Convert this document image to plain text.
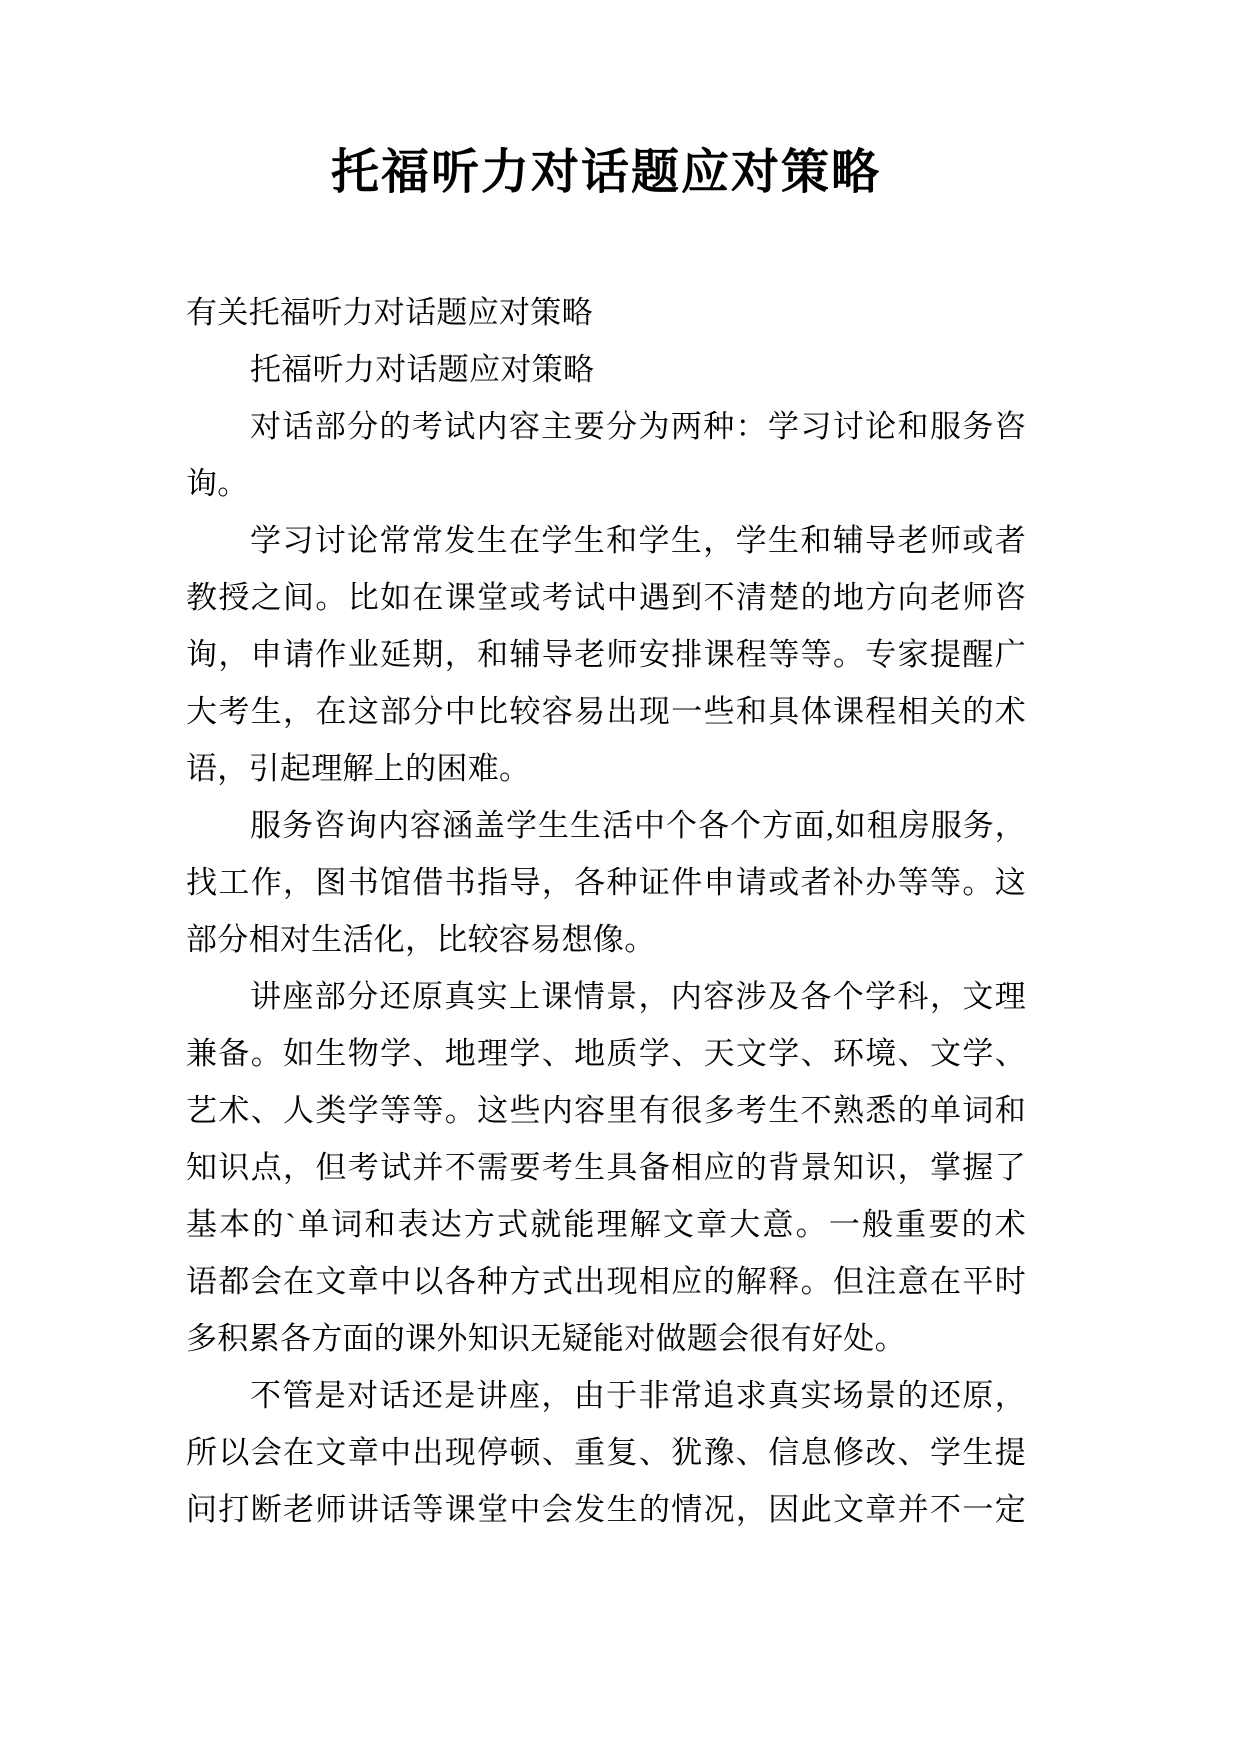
托福听力对话题应对策略
有关托福听力对话题应对策略
托福听力对话题应对策略
对话部分的考试内容主要分为两种：学习讨论和服务咨
询。
学习讨论常常发生在学生和学生，学生和辅导老师或者
教授之间。比如在课堂或考试中遇到不清楚的地方向老师咨
询，申请作业延期，和辅导老师安排课程等等。专家提醒广
大考生，在这部分中比较容易出现一些和具体课程相关的术
语，引起理解上的困难。
服务咨询内容涵盖学生生活中个各个方面,如租房服务，
找工作，图书馆借书指导，各种证件申请或者补办等等。这
部分相对生活化，比较容易想像。
讲座部分还原真实上课情景，内容涉及各个学科，文理
兼备。如生物学、地理学、地质学、天文学、环境、文学、
艺术、人类学等等。这些内容里有很多考生不熟悉的单词和
知识点，但考试并不需要考生具备相应的背景知识，掌握了
基本的`单词和表达方式就能理解文章大意。一般重要的术
语都会在文章中以各种方式出现相应的解释。但注意在平时
多积累各方面的课外知识无疑能对做题会很有好处。
不管是对话还是讲座，由于非常追求真实场景的还原，
所以会在文章中出现停顿、重复、犹豫、信息修改、学生提
问打断老师讲话等课堂中会发生的情况，因此文章并不一定
